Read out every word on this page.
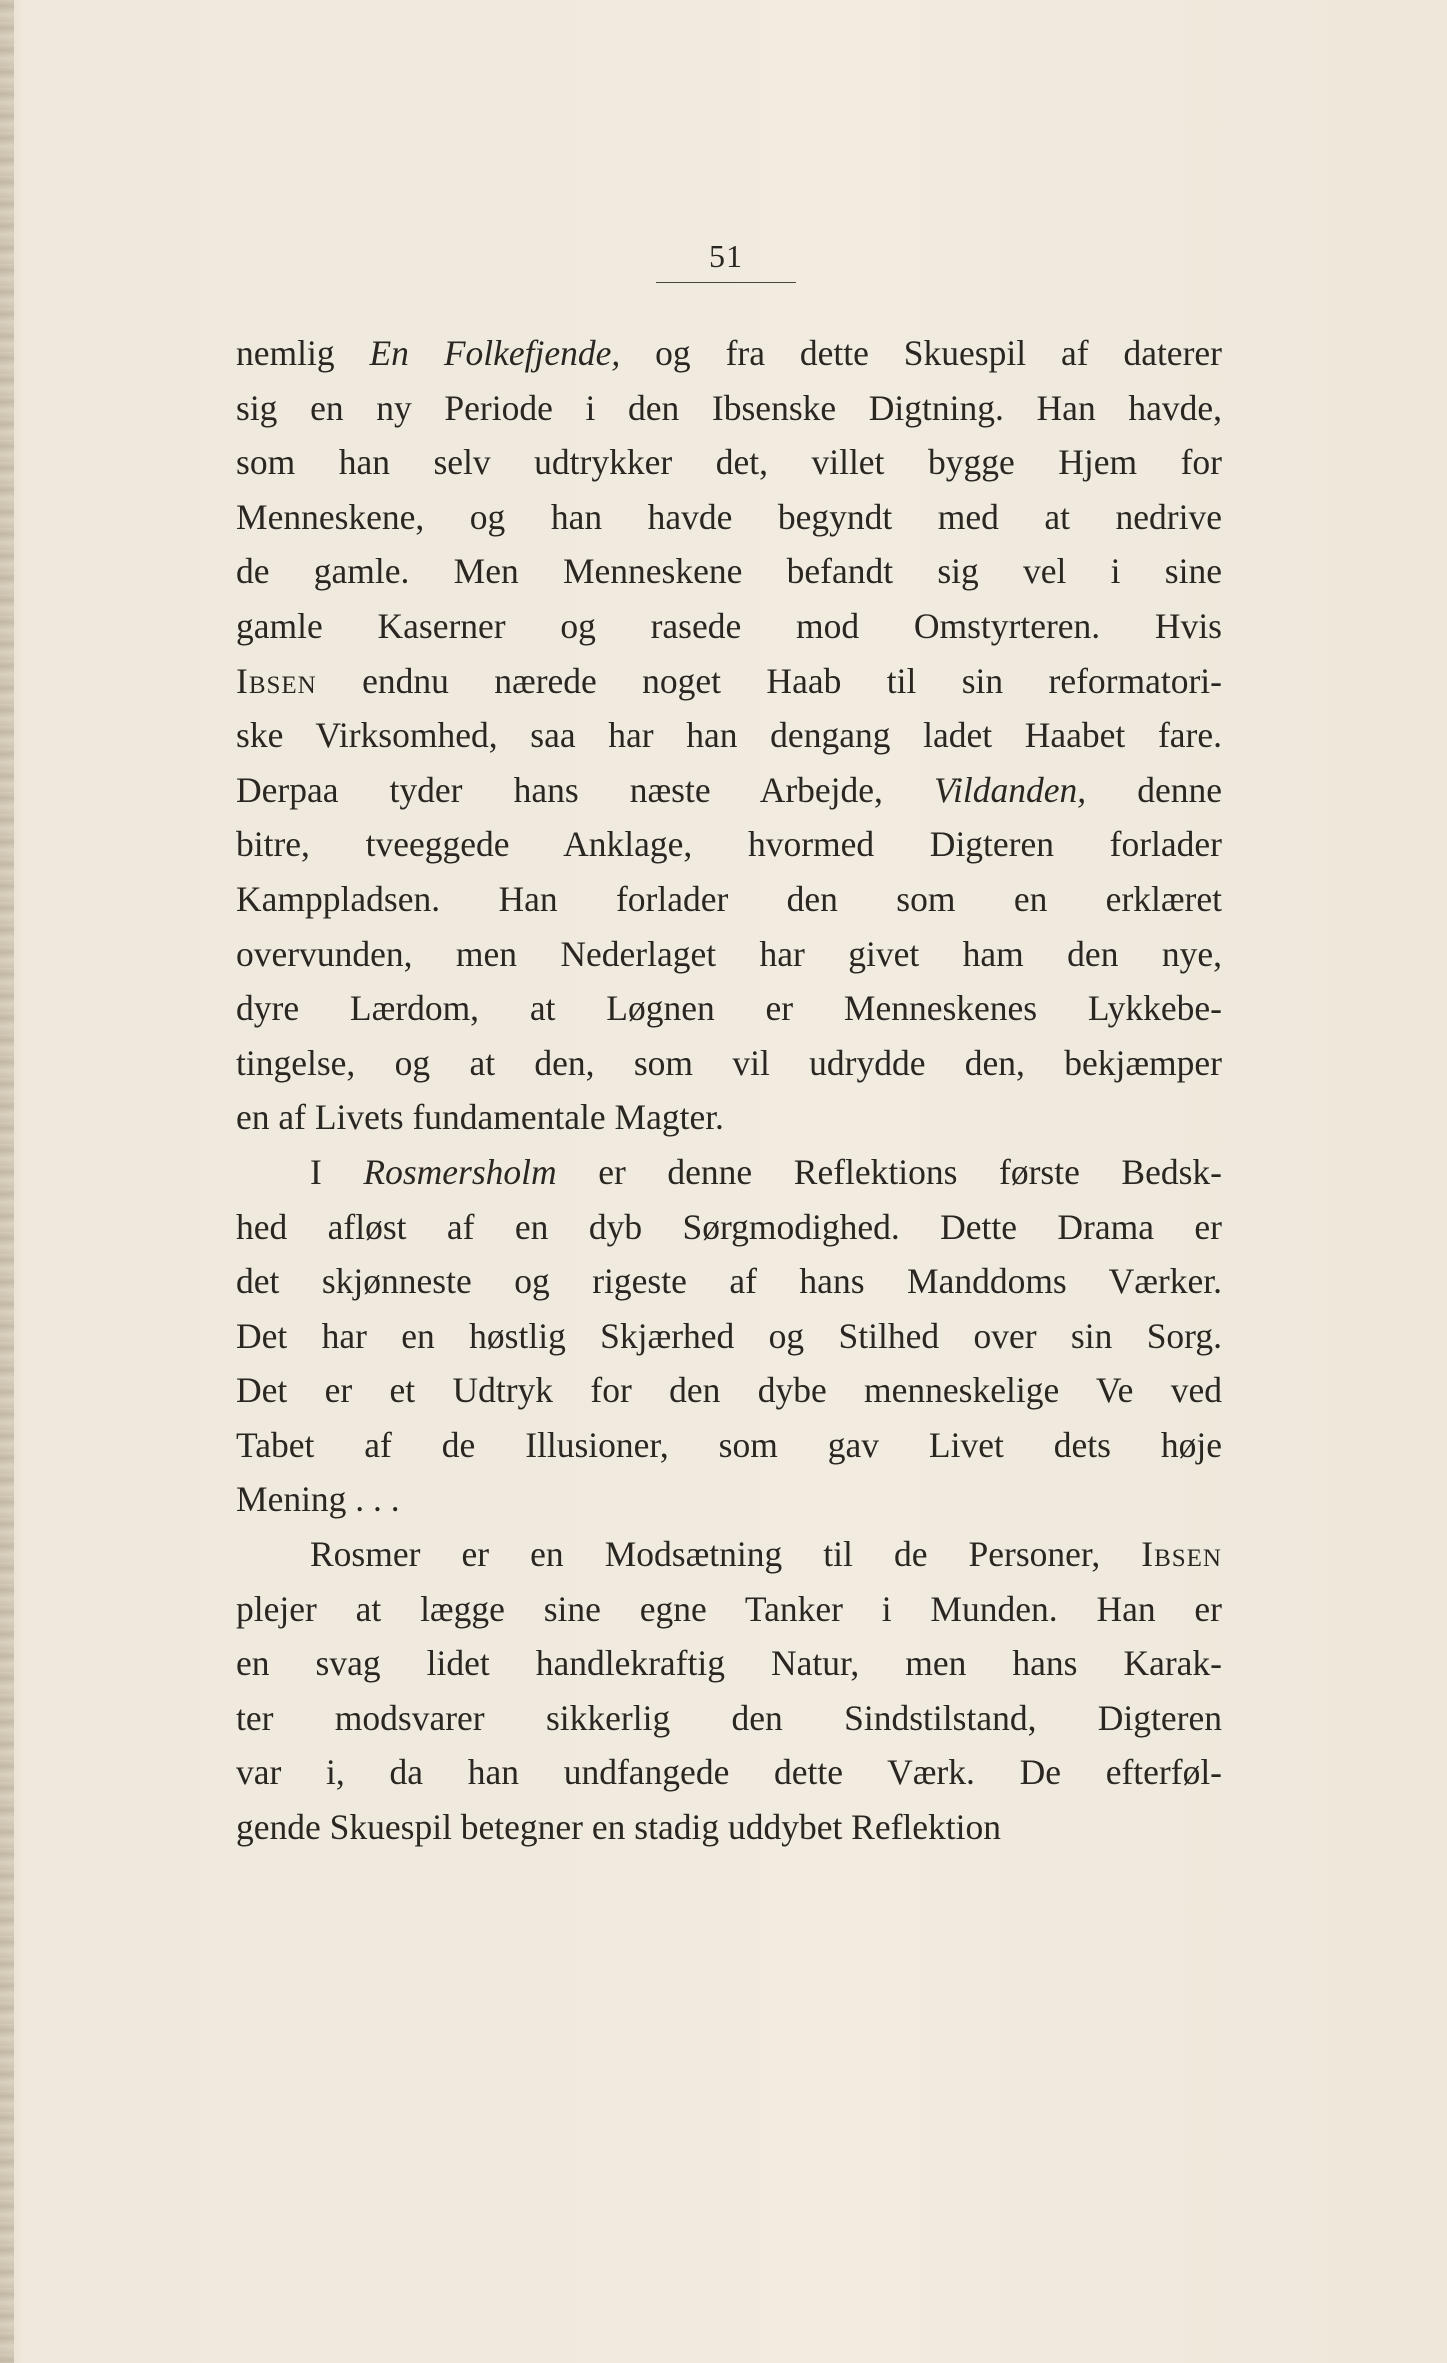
51

nemlig En Folkefjende, og fra dette Skuespil af daterer
sig en ny Periode i den Ibsenske Digtning. Han havde,
som han selv udtrykker det, villet bygge Hjem for
Menneskene, og han havde begyndt med at nedrive
de gamle. Men Menneskene befandt sig vel i sine
gamle Kaserner og rasede mod Omstyrteren. Hvis
Ibsen endnu nærede noget Haab til sin reformatori-
ske Virksomhed, saa har han dengang ladet Haabet fare.
Derpaa tyder hans næste Arbejde, Vildanden, denne
bitre, tveeggede Anklage, hvormed Digteren forlader
Kamppladsen. Han forlader den som en erklæret
overvunden, men Nederlaget har givet ham den nye,
dyre Lærdom, at Løgnen er Menneskenes Lykkebe-
tingelse, og at den, som vil udrydde den, bekjæmper
en af Livets fundamentale Magter.

I Rosmersholm er denne Reflektions første Bedsk-
hed afløst af en dyb Sørgmodighed. Dette Drama er
det skjønneste og rigeste af hans Manddoms Værker.
Det har en høstlig Skjærhed og Stilhed over sin Sorg.
Det er et Udtryk for den dybe menneskelige Ve ved
Tabet af de Illusioner, som gav Livet dets høje
Mening . . .

Rosmer er en Modsætning til de Personer, Ibsen
plejer at lægge sine egne Tanker i Munden. Han er
en svag lidet handlekraftig Natur, men hans Karak-
ter modsvarer sikkerlig den Sindstilstand, Digteren
var i, da han undfangede dette Værk. De efterføl-
gende Skuespil betegner en stadig uddybet Reflektion
